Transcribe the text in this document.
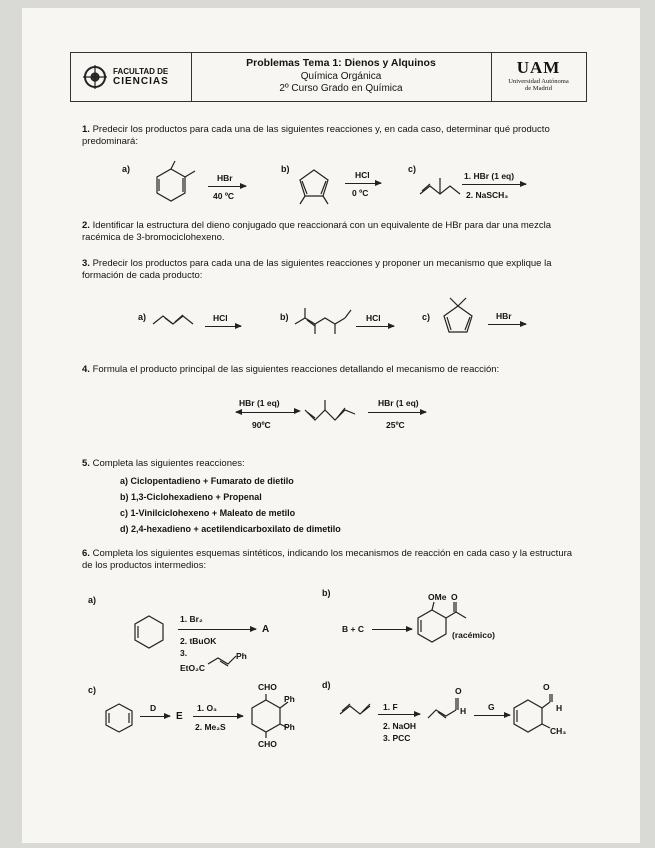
FACULTAD DE
CIENCIAS
Problemas Tema 1: Dienos y Alquinos
Química Orgánica
2º Curso Grado en Química
UAM
Universidad Autónoma
de Madrid
1. Predecir los productos para cada una de las siguientes reacciones y, en cada caso, determinar qué producto predominará:
a)
HBr
40 ºC
b)
HCl
0 ºC
c)
1. HBr (1 eq)
2. NaSCH₃
2. Identificar la estructura del dieno conjugado que reaccionará con un equivalente de HBr para dar una mezcla racémica de 3-bromociclohexeno.
3. Predecir los productos para cada una de las siguientes reacciones y proponer un mecanismo que explique la formación de cada producto:
a)	HCl	b)	HCl	c)	HBr
4. Formula el producto principal de las siguientes reacciones detallando el mecanismo de reacción:
HBr (1 eq)
90ºC
HBr (1 eq)
25ºC
5. Completa las siguientes reacciones:
a) Ciclopentadieno + Fumarato de dietilo
b) 1,3-Ciclohexadieno + Propenal
c) 1-Vinilciclohexeno + Maleato de metilo
d) 2,4-hexadieno + acetilendicarboxilato de dimetilo
6. Completa los siguientes esquemas sintéticos, indicando los mecanismos de reacción en cada caso y la estructura de los productos intermedios:
a)
1. Br₂
A
2. tBuOK
3.
EtO₂C
Ph
b)
B + C
OMe O
(racémico)
c)
D
E
1. O₃
2. Me₂S
CHO
Ph
Ph
CHO
d)
1. F
2. NaOH
3. PCC
O
H	G
O
H
CH₃
